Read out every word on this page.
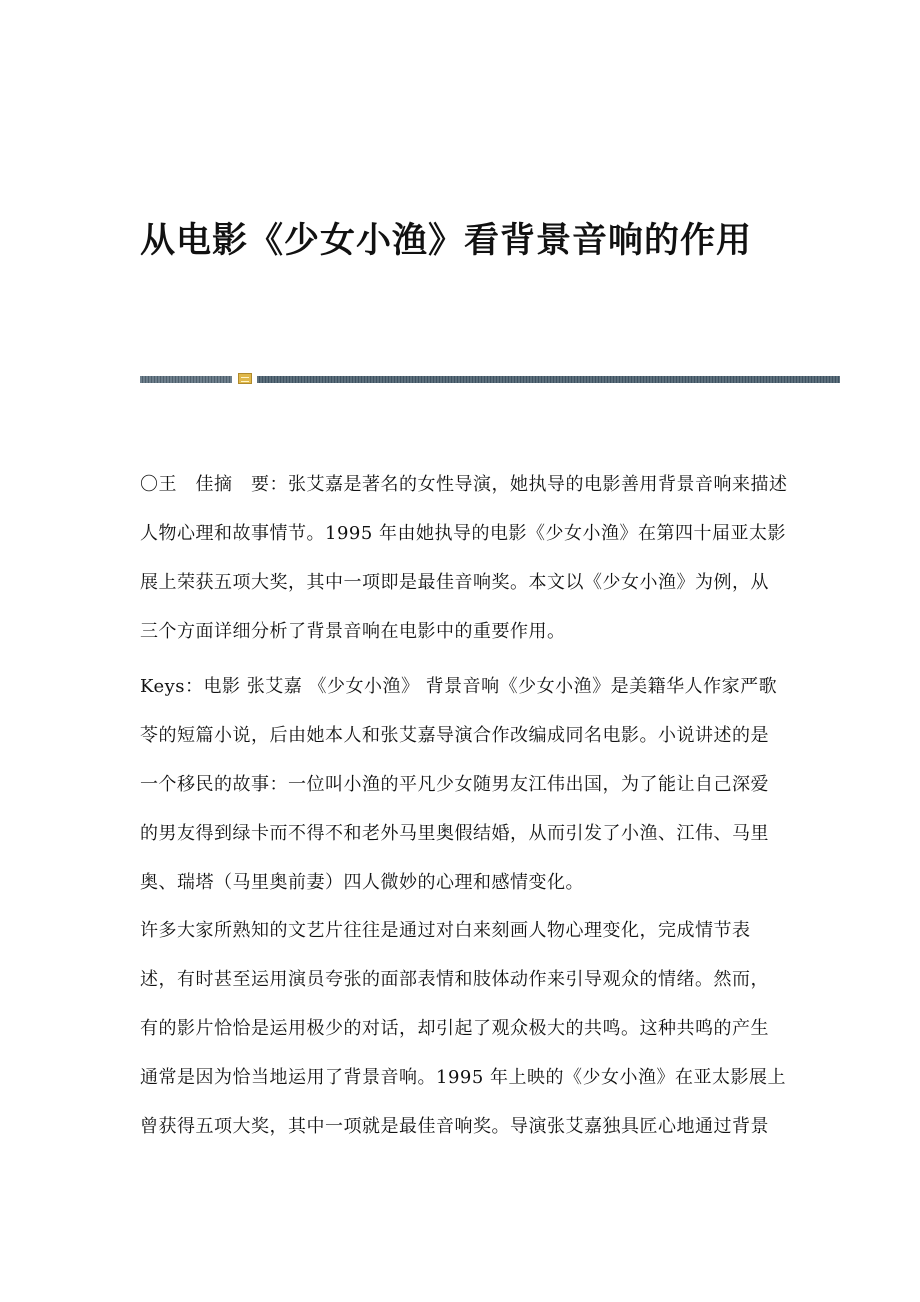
从电影《少女小渔》看背景音响的作用
〇王　佳摘　要：张艾嘉是著名的女性导演，她执导的电影善用背景音响来描述
人物心理和故事情节。1995 年由她执导的电影《少女小渔》在第四十届亚太影
展上荣获五项大奖，其中一项即是最佳音响奖。本文以《少女小渔》为例，从
三个方面详细分析了背景音响在电影中的重要作用。
Keys：电影 张艾嘉 《少女小渔》 背景音响《少女小渔》是美籍华人作家严歌
苓的短篇小说，后由她本人和张艾嘉导演合作改编成同名电影。小说讲述的是
一个移民的故事：一位叫小渔的平凡少女随男友江伟出国，为了能让自己深爱
的男友得到绿卡而不得不和老外马里奥假结婚，从而引发了小渔、江伟、马里
奥、瑞塔（马里奥前妻）四人微妙的心理和感情变化。
许多大家所熟知的文艺片往往是通过对白来刻画人物心理变化，完成情节表
述，有时甚至运用演员夸张的面部表情和肢体动作来引导观众的情绪。然而，
有的影片恰恰是运用极少的对话，却引起了观众极大的共鸣。这种共鸣的产生
通常是因为恰当地运用了背景音响。1995 年上映的《少女小渔》在亚太影展上
曾获得五项大奖，其中一项就是最佳音响奖。导演张艾嘉独具匠心地通过背景
